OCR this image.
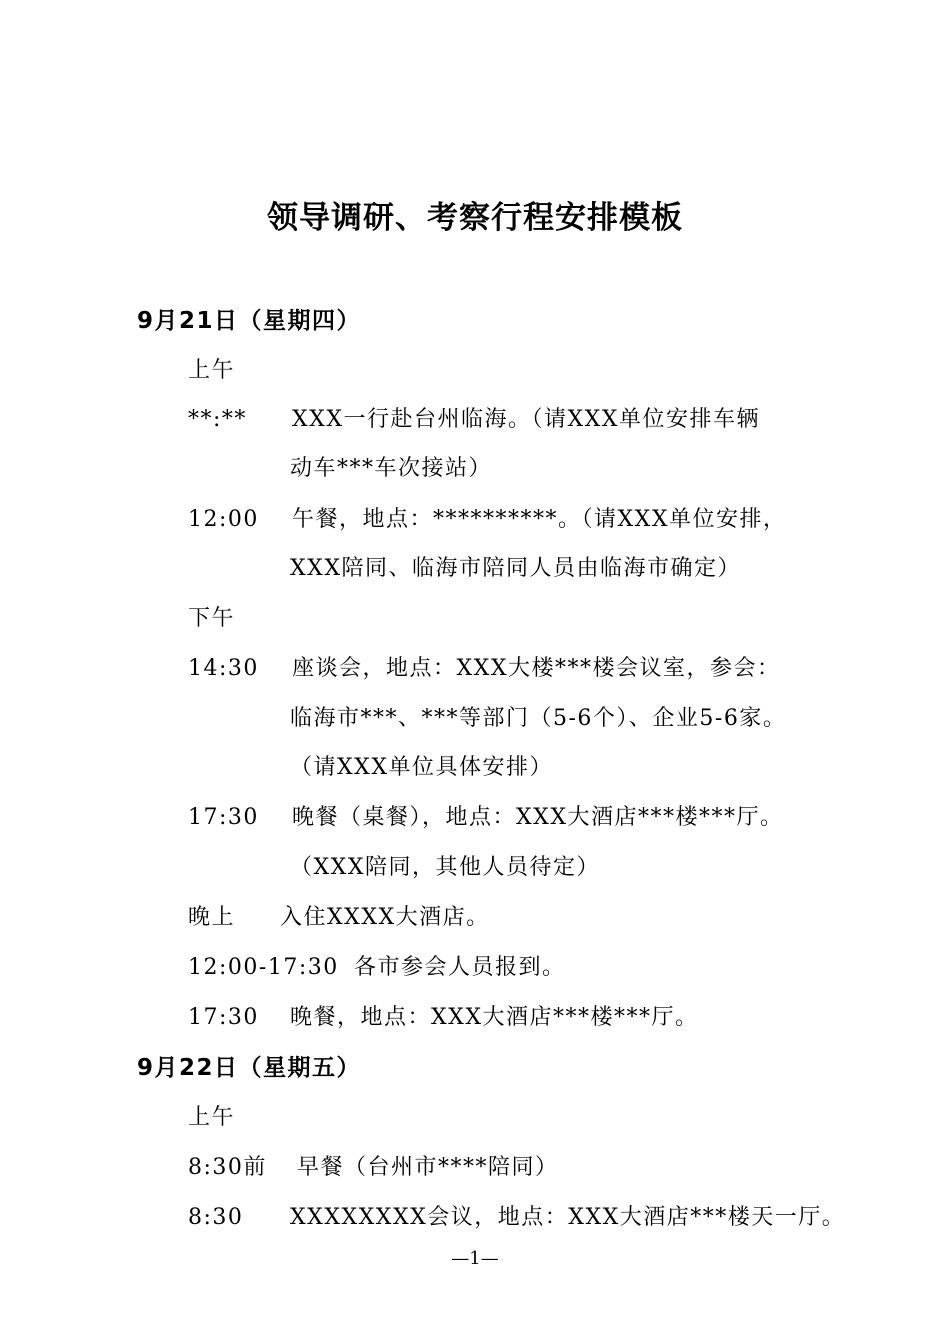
领导调研、考察行程安排模板
9月21日（星期四）
上午
**:** XXX一行赴台州临海。（请XXX单位安排车辆
动车***车次接站）
12:00 午餐，地点：**********。（请XXX单位安排，
XXX陪同、临海市陪同人员由临海市确定）
下午
14:30 座谈会，地点：XXX大楼***楼会议室，参会：
临海市***、***等部门（5-6个）、企业5-6家。
（请XXX单位具体安排）
17:30 晚餐（桌餐），地点：XXX大酒店***楼***厅。
（XXX陪同，其他人员待定）
晚上 入住XXXX大酒店。
12:00-17:30 各市参会人员报到。
17:30 晚餐，地点：XXX大酒店***楼***厅。
9月22日（星期五）
上午
8:30前 早餐（台州市****陪同）
8:30 XXXXXXXX会议，地点：XXX大酒店***楼天一厅。
—1—
